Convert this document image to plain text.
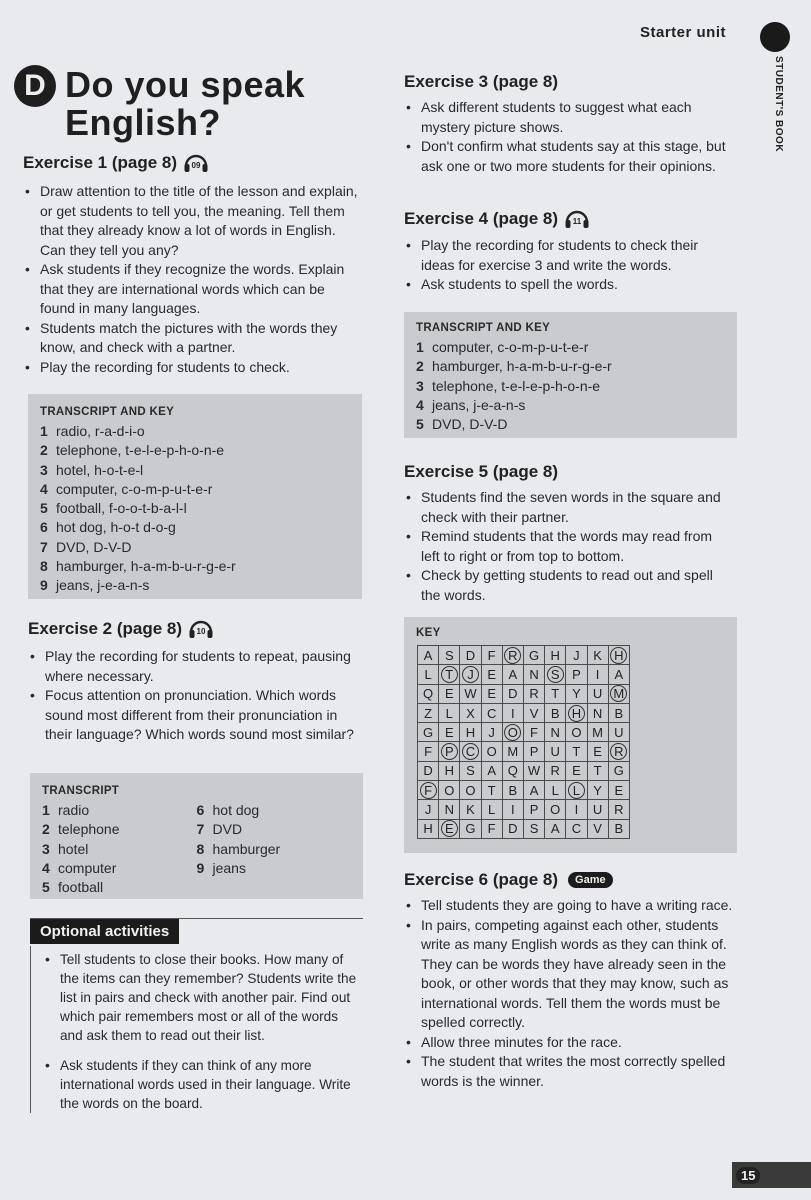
Starter unit
STUDENT'S BOOK
D Do you speak English?
Exercise 1 (page 8) 09
• Draw attention to the title of the lesson and explain, or get students to tell you, the meaning. Tell them that they already know a lot of words in English. Can they tell you any?
• Ask students if they recognize the words. Explain that they are international words which can be found in many languages.
• Students match the pictures with the words they know, and check with a partner.
• Play the recording for students to check.
TRANSCRIPT AND KEY
1 radio, r-a-d-i-o
2 telephone, t-e-l-e-p-h-o-n-e
3 hotel, h-o-t-e-l
4 computer, c-o-m-p-u-t-e-r
5 football, f-o-o-t-b-a-l-l
6 hot dog, h-o-t d-o-g
7 DVD, D-V-D
8 hamburger, h-a-m-b-u-r-g-e-r
9 jeans, j-e-a-n-s
Exercise 2 (page 8) 10
• Play the recording for students to repeat, pausing where necessary.
• Focus attention on pronunciation. Which words sound most different from their pronunciation in their language? Which words sound most similar?
TRANSCRIPT
1 radio
2 telephone
3 hotel
4 computer
5 football
6 hot dog
7 DVD
8 hamburger
9 jeans
Optional activities
• Tell students to close their books. How many of the items can they remember? Students write the list in pairs and check with another pair. Find out which pair remembers most or all of the words and ask them to read out their list.
• Ask students if they can think of any more international words used in their language. Write the words on the board.
Exercise 3 (page 8)
• Ask different students to suggest what each mystery picture shows.
• Don't confirm what students say at this stage, but ask one or two more students for their opinions.
Exercise 4 (page 8) 11
• Play the recording for students to check their ideas for exercise 3 and write the words.
• Ask students to spell the words.
TRANSCRIPT AND KEY
1 computer, c-o-m-p-u-t-e-r
2 hamburger, h-a-m-b-u-r-g-e-r
3 telephone, t-e-l-e-p-h-o-n-e
4 jeans, j-e-a-n-s
5 DVD, D-V-D
Exercise 5 (page 8)
• Students find the seven words in the square and check with their partner.
• Remind students that the words may read from left to right or from top to bottom.
• Check by getting students to read out and spell the words.
KEY
A	S	D	F	R	G	H	J	K	H
L	T	J	E	A	N	S	P	I	A
Q	E	W	E	D	R	T	Y	U	M
Z	L	X	C	I	V	B	H	N	B
G	E	H	J	O	F	N	O	M	U
F	P	C	O	M	P	U	T	E	R
D	H	S	A	Q	W	R	E	T	G
F	O	O	T	B	A	L	L	Y	E
J	N	K	L	I	P	O	I	U	R
H	E	G	F	D	S	A	C	V	B
Exercise 6 (page 8)	Game
• Tell students they are going to have a writing race.
• In pairs, competing against each other, students write as many English words as they can think of. They can be words they have already seen in the book, or other words that they may know, such as international words. Tell them the words must be spelled correctly.
• Allow three minutes for the race.
• The student that writes the most correctly spelled words is the winner.
15
